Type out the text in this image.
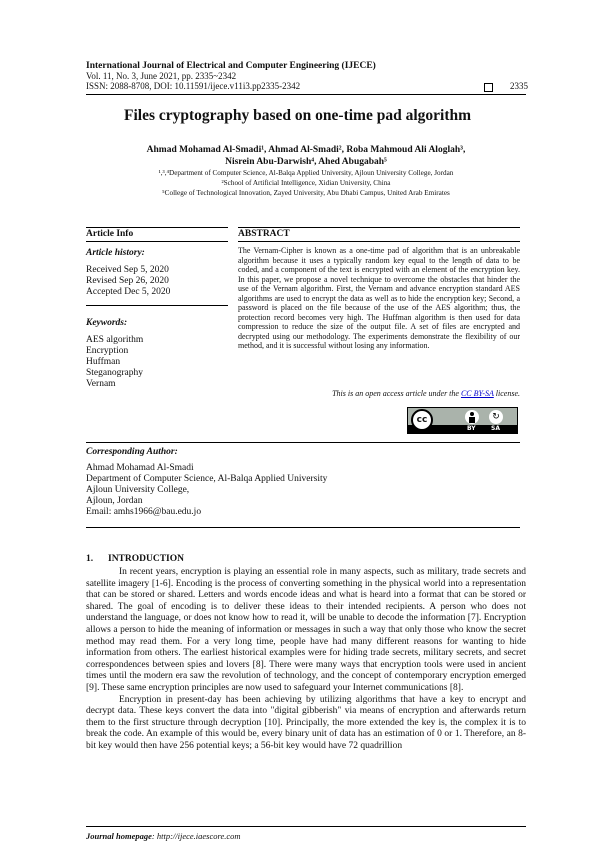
International Journal of Electrical and Computer Engineering (IJECE)
Vol. 11, No. 3, June 2021, pp. 2335~2342
ISSN: 2088-8708, DOI: 10.11591/ijece.v11i3.pp2335-2342	2335
Files cryptography based on one-time pad algorithm
Ahmad Mohamad Al-Smadi¹, Ahmad Al-Smadi², Roba Mahmoud Ali Aloglah³,
Nisrein Abu-Darwish⁴, Ahed Abugabah⁵
¹,³,⁴Department of Computer Science, Al-Balqa Applied University, Ajloun University College, Jordan
²School of Artificial Intelligence, Xidian University, China
⁵College of Technological Innovation, Zayed University, Abu Dhabi Campus, United Arab Emirates
Article Info	ABSTRACT
Article history:
Received Sep 5, 2020
Revised Sep 26, 2020
Accepted Dec 5, 2020
Keywords:
AES algorithm
Encryption
Huffman
Steganography
Vernam
The Vernam-Cipher is known as a one-time pad of algorithm that is an unbreakable algorithm because it uses a typically random key equal to the length of data to be coded, and a component of the text is encrypted with an element of the encryption key. In this paper, we propose a novel technique to overcome the obstacles that hinder the use of the Vernam algorithm. First, the Vernam and advance encryption standard AES algorithms are used to encrypt the data as well as to hide the encryption key; Second, a password is placed on the file because of the use of the AES algorithm; thus, the protection record becomes very high. The Huffman algorithm is then used for data compression to reduce the size of the output file. A set of files are encrypted and decrypted using our methodology. The experiments demonstrate the flexibility of our method, and it is successful without losing any information.
This is an open access article under the CC BY-SA license.
cc	↻
BY	SA
Corresponding Author:
Ahmad Mohamad Al-Smadi
Department of Computer Science, Al-Balqa Applied University
Ajloun University College,
Ajloun, Jordan
Email: amhs1966@bau.edu.jo
1. INTRODUCTION

In recent years, encryption is playing an essential role in many aspects, such as military, trade secrets and satellite imagery [1-6]. Encoding is the process of converting something in the physical world into a representation that can be stored or shared. Letters and words encode ideas and what is heard into a format that can be stored or shared. The goal of encoding is to deliver these ideas to their intended recipients. A person who does not understand the language, or does not know how to read it, will be unable to decode the information [7]. Encryption allows a person to hide the meaning of information or messages in such a way that only those who know the secret method may read them. For a very long time, people have had many different reasons for wanting to hide information from others. The earliest historical examples were for hiding trade secrets, military secrets, and secret correspondences between spies and lovers [8]. There were many ways that encryption tools were used in ancient times until the modern era saw the revolution of technology, and the concept of contemporary encryption emerged [9]. These same encryption principles are now used to safeguard your Internet communications [8].

Encryption in present-day has been achieving by utilizing algorithms that have a key to encrypt and decrypt data. These keys convert the data into "digital gibberish" via means of encryption and afterwards return them to the first structure through decryption [10]. Principally, the more extended the key is, the complex it is to break the code. An example of this would be, every binary unit of data has an estimation of 0 or 1. Therefore, an 8-bit key would then have 256 potential keys; a 56-bit key would have 72 quadrillion

Journal homepage: http://ijece.iaescore.com
